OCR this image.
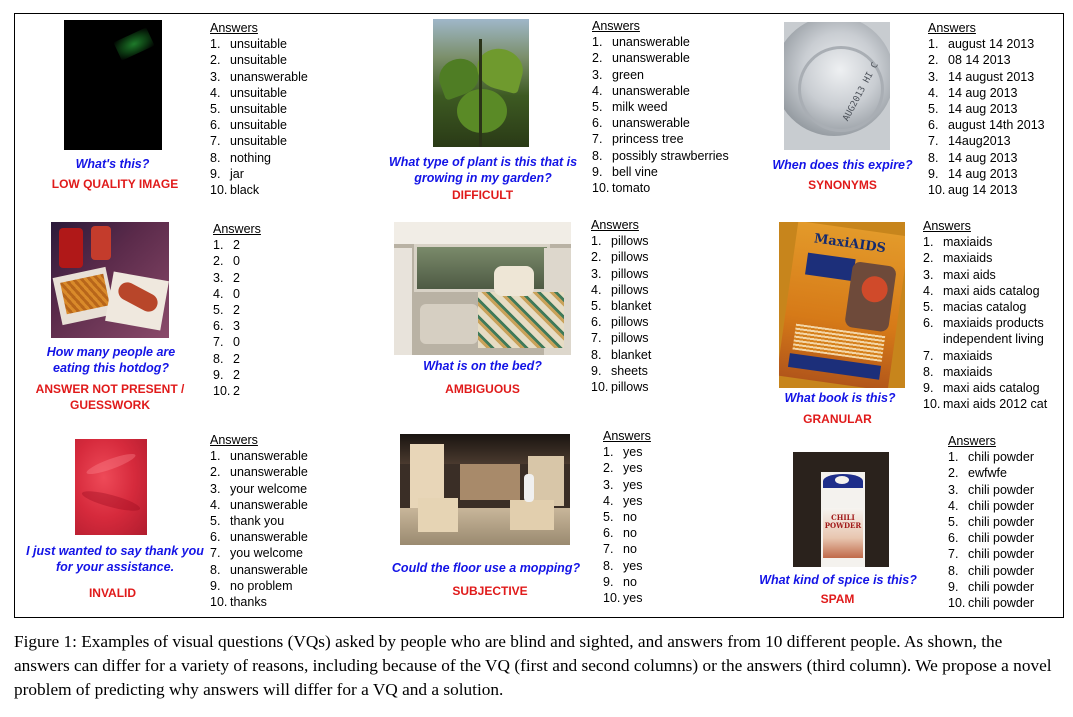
What's this?
LOW QUALITY IMAGE
Answers
1. unsuitable
2. unsuitable
3. unanswerable
4. unsuitable
5. unsuitable
6. unsuitable
7. unsuitable
8. nothing
9. jar
10. black
What type of plant is this that is growing in my garden?
DIFFICULT
Answers
1. unanswerable
2. unanswerable
3. green
4. unanswerable
5. milk weed
6. unanswerable
7. princess tree
8. possibly strawberries
9. bell vine
10. tomato
AUG2013 HI C
When does this expire?
SYNONYMS
Answers
1. august 14 2013
2. 08 14 2013
3. 14 august 2013
4. 14 aug 2013
5. 14 aug 2013
6. august 14th 2013
7. 14aug2013
8. 14 aug 2013
9. 14 aug 2013
10. aug 14 2013
How many people are eating this hotdog?
ANSWER NOT PRESENT / GUESSWORK
Answers
1. 2
2. 0
3. 2
4. 0
5. 2
6. 3
7. 0
8. 2
9. 2
10. 2
What is on the bed?
AMBIGUOUS
Answers
1. pillows
2. pillows
3. pillows
4. pillows
5. blanket
6. pillows
7. pillows
8. blanket
9. sheets
10. pillows
MaxiAIDS
What book is this?
GRANULAR
Answers
1. maxiaids
2. maxiaids
3. maxi aids
4. maxi aids catalog
5. macias catalog
6. maxiaids products independent living
7. maxiaids
8. maxiaids
9. maxi aids catalog
10. maxi aids 2012 cat
I just wanted to say thank you for your assistance.
INVALID
Answers
1. unanswerable
2. unanswerable
3. your welcome
4. unanswerable
5. thank you
6. unanswerable
7. you welcome
8. unanswerable
9. no problem
10. thanks
Could the floor use a mopping?
SUBJECTIVE
Answers
1. yes
2. yes
3. yes
4. yes
5. no
6. no
7. no
8. yes
9. no
10. yes
CHILI POWDER
What kind of spice is this?
SPAM
Answers
1. chili powder
2. ewfwfe
3. chili powder
4. chili powder
5. chili powder
6. chili powder
7. chili powder
8. chili powder
9. chili powder
10. chili powder
Figure 1: Examples of visual questions (VQs) asked by people who are blind and sighted, and answers from 10 different people. As shown, the answers can differ for a variety of reasons, including because of the VQ (first and second columns) or the answers (third column). We propose a novel problem of predicting why answers will differ for a VQ and a solution.
